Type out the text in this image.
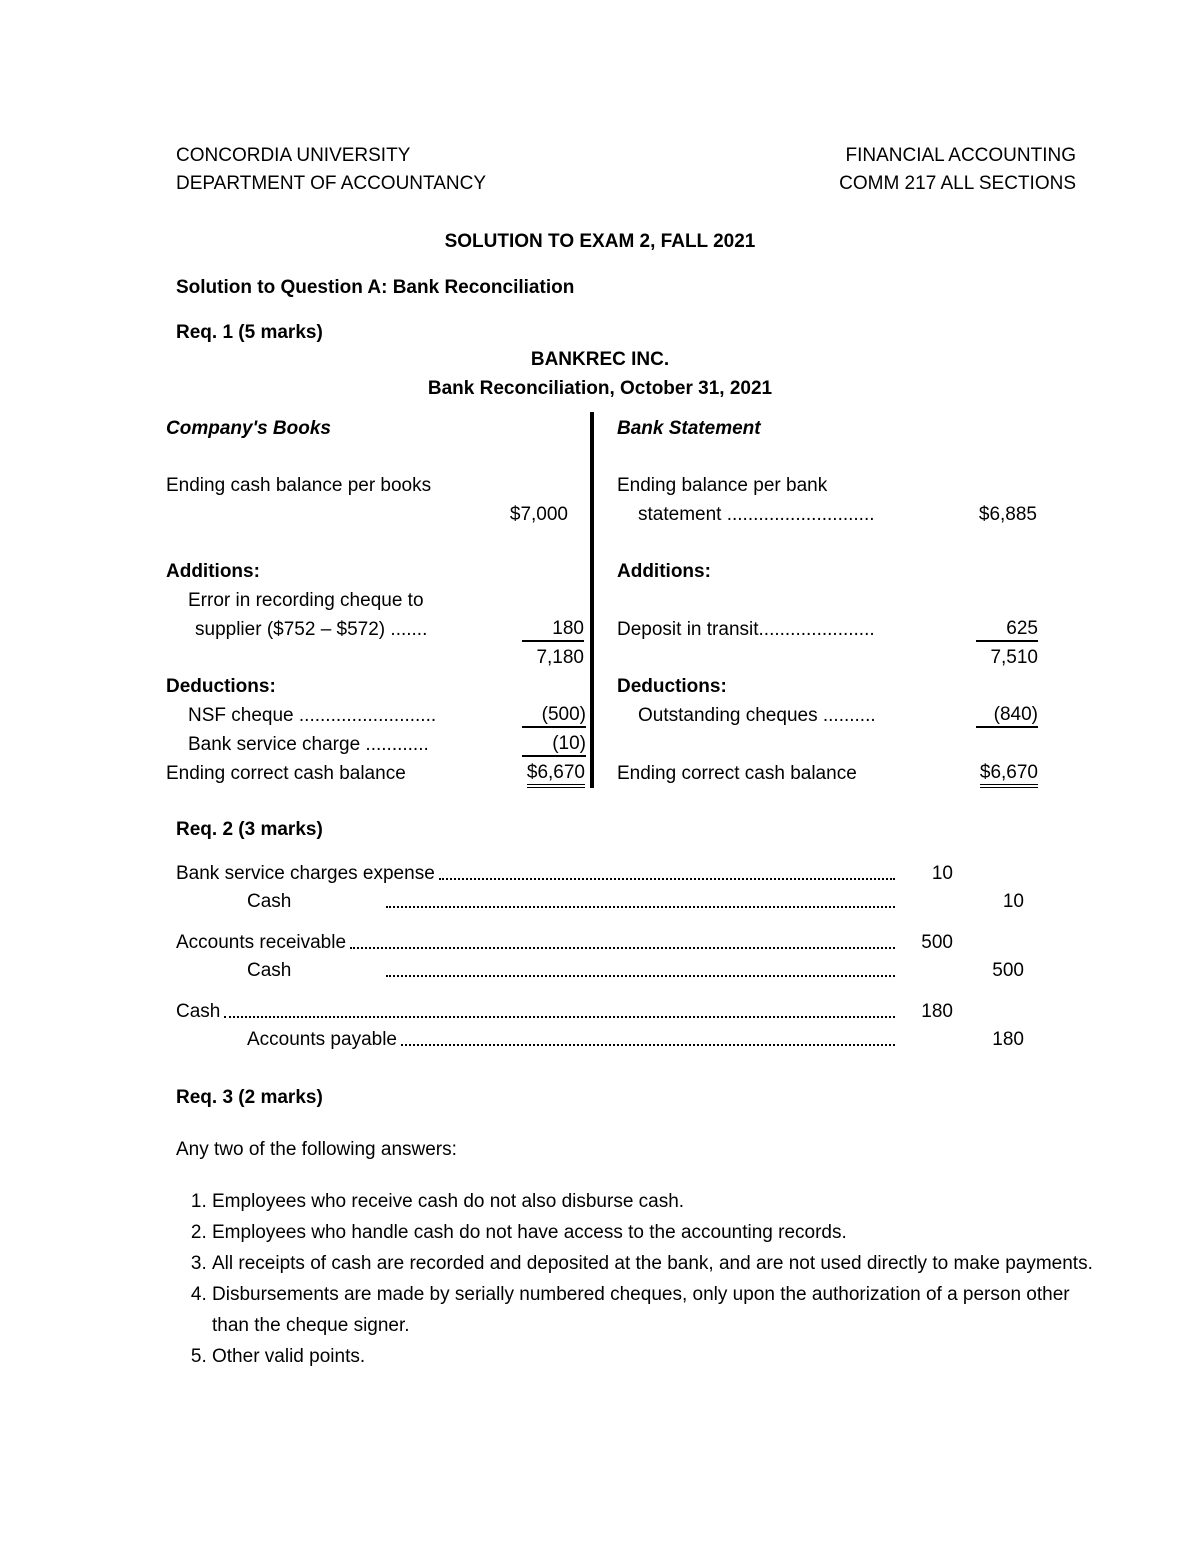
CONCORDIA UNIVERSITY
DEPARTMENT OF ACCOUNTANCY
FINANCIAL ACCOUNTING
COMM 217 ALL SECTIONS
SOLUTION TO EXAM 2, FALL 2021
Solution to Question A: Bank Reconciliation
Req. 1 (5 marks)
BANKREC INC.
Bank Reconciliation, October 31, 2021
Company's Books
Ending cash balance per books
$7,000
Additions:
Error in recording cheque to
supplier ($752 – $572) .......	180
7,180
Deductions:
NSF cheque ..........................	(500)
Bank service charge ............	(10)
Ending correct cash balance	$6,670
Bank Statement
Ending balance per bank
statement ............................	$6,885
Additions:
Deposit in transit......................	625
7,510
Deductions:
Outstanding cheques ..........	(840)
Ending correct cash balance	$6,670
Req. 2 (3 marks)
Bank service charges expense	10
Cash	10
Accounts receivable	500
Cash	500
Cash	180
Accounts payable	180
Req. 3 (2 marks)
Any two of the following answers:
1. Employees who receive cash do not also disburse cash.
2. Employees who handle cash do not have access to the accounting records.
3. All receipts of cash are recorded and deposited at the bank, and are not used directly to make payments.
4. Disbursements are made by serially numbered cheques, only upon the authorization of a person other than the cheque signer.
5. Other valid points.
